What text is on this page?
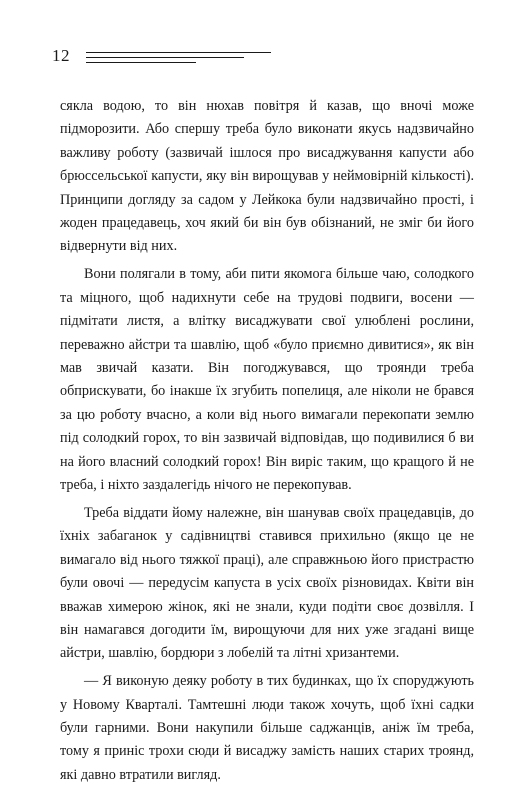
12

сякла водою, то він нюхав повітря й казав, що вночі може підморозити. Або спершу треба було виконати якусь надзвичайно важливу роботу (зазвичай ішлося про висаджування капусти або брюссельської капусти, яку він вирощував у неймовірній кількості). Принципи догляду за садом у Лейкока були надзвичайно прості, і жоден працедавець, хоч який би він був обізнаний, не зміг би його відвернути від них.

Вони полягали в тому, аби пити якомога більше чаю, солодкого та міцного, щоб надихнути себе на трудові подвиги, восени — підмітати листя, а влітку висаджувати свої улюблені рослини, переважно айстри та шавлію, щоб «було приємно дивитися», як він мав звичай казати. Він погоджувався, що троянди треба обприскувати, бо інакше їх згубить попелиця, але ніколи не брався за цю роботу вчасно, а коли від нього вимагали перекопати землю під солодкий горох, то він зазвичай відповідав, що подивилися б ви на його власний солодкий горох! Він виріс таким, що кращого й не треба, і ніхто заздалегідь нічого не перекопував.

Треба віддати йому належне, він шанував своїх працедавців, до їхніх забаганок у садівництві ставився прихильно (якщо це не вимагало від нього тяжкої праці), але справжньою його пристрастю були овочі — передусім капуста в усіх своїх різновидах. Квіти він вважав химерою жінок, які не знали, куди подіти своє дозвілля. І він намагався догодити їм, вирощуючи для них уже згадані вище айстри, шавлію, бордюри з лобелій та літні хризантеми.

— Я виконую деяку роботу в тих будинках, що їх споруджують у Новому Кварталі. Тамтешні люди також хочуть, щоб їхні садки були гарними. Вони накупили більше саджанців, аніж їм треба, тому я приніс трохи сюди й висаджу замість наших старих троянд, які давно втратили вигляд.
